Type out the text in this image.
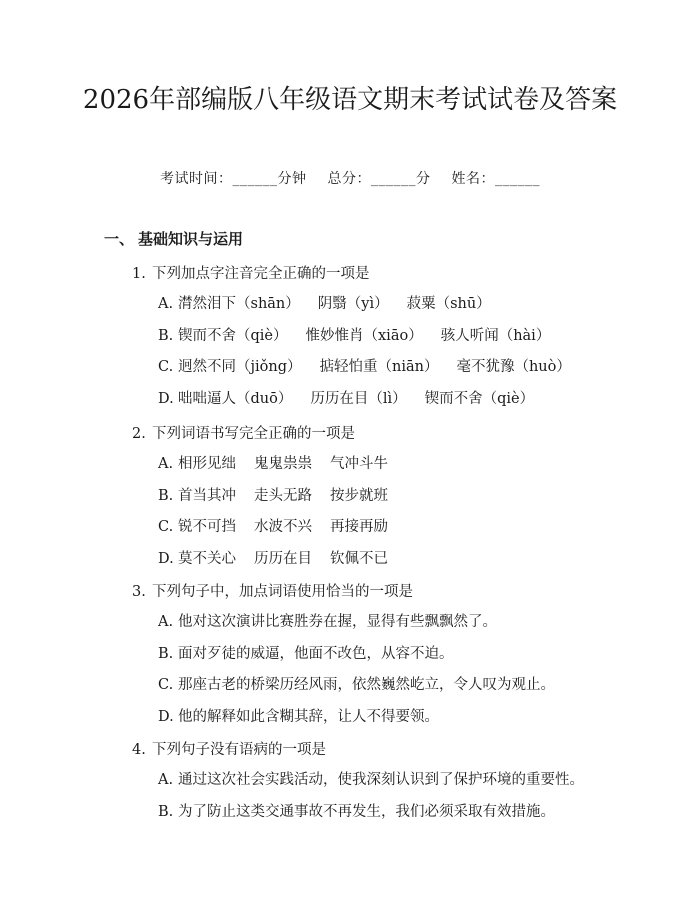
2026年部编版八年级语文期末考试试卷及答案
考试时间：______分钟 总分：______分 姓名：______
一、 基础知识与运用
1. 下列加点字注音完全正确的一项是
A. 潸然泪下（shān） 阴翳（yì） 菽粟（shū）
B. 锲而不舍（qiè） 惟妙惟肖（xiāo） 骇人听闻（hài）
C. 迥然不同（jiǒng） 掂轻怕重（niān） 毫不犹豫（huò）
D. 咄咄逼人（duō） 历历在目（lì） 锲而不舍（qiè）
2. 下列词语书写完全正确的一项是
A. 相形见绌 鬼鬼祟祟 气冲斗牛
B. 首当其冲 走头无路 按步就班
C. 锐不可挡 水波不兴 再接再励
D. 莫不关心 历历在目 钦佩不已
3. 下列句子中，加点词语使用恰当的一项是
A. 他对这次演讲比赛胜券在握，显得有些飘飘然了。
B. 面对歹徒的威逼，他面不改色，从容不迫。
C. 那座古老的桥梁历经风雨，依然巍然屹立，令人叹为观止。
D. 他的解释如此含糊其辞，让人不得要领。
4. 下列句子没有语病的一项是
A. 通过这次社会实践活动，使我深刻认识到了保护环境的重要性。
B. 为了防止这类交通事故不再发生，我们必须采取有效措施。
